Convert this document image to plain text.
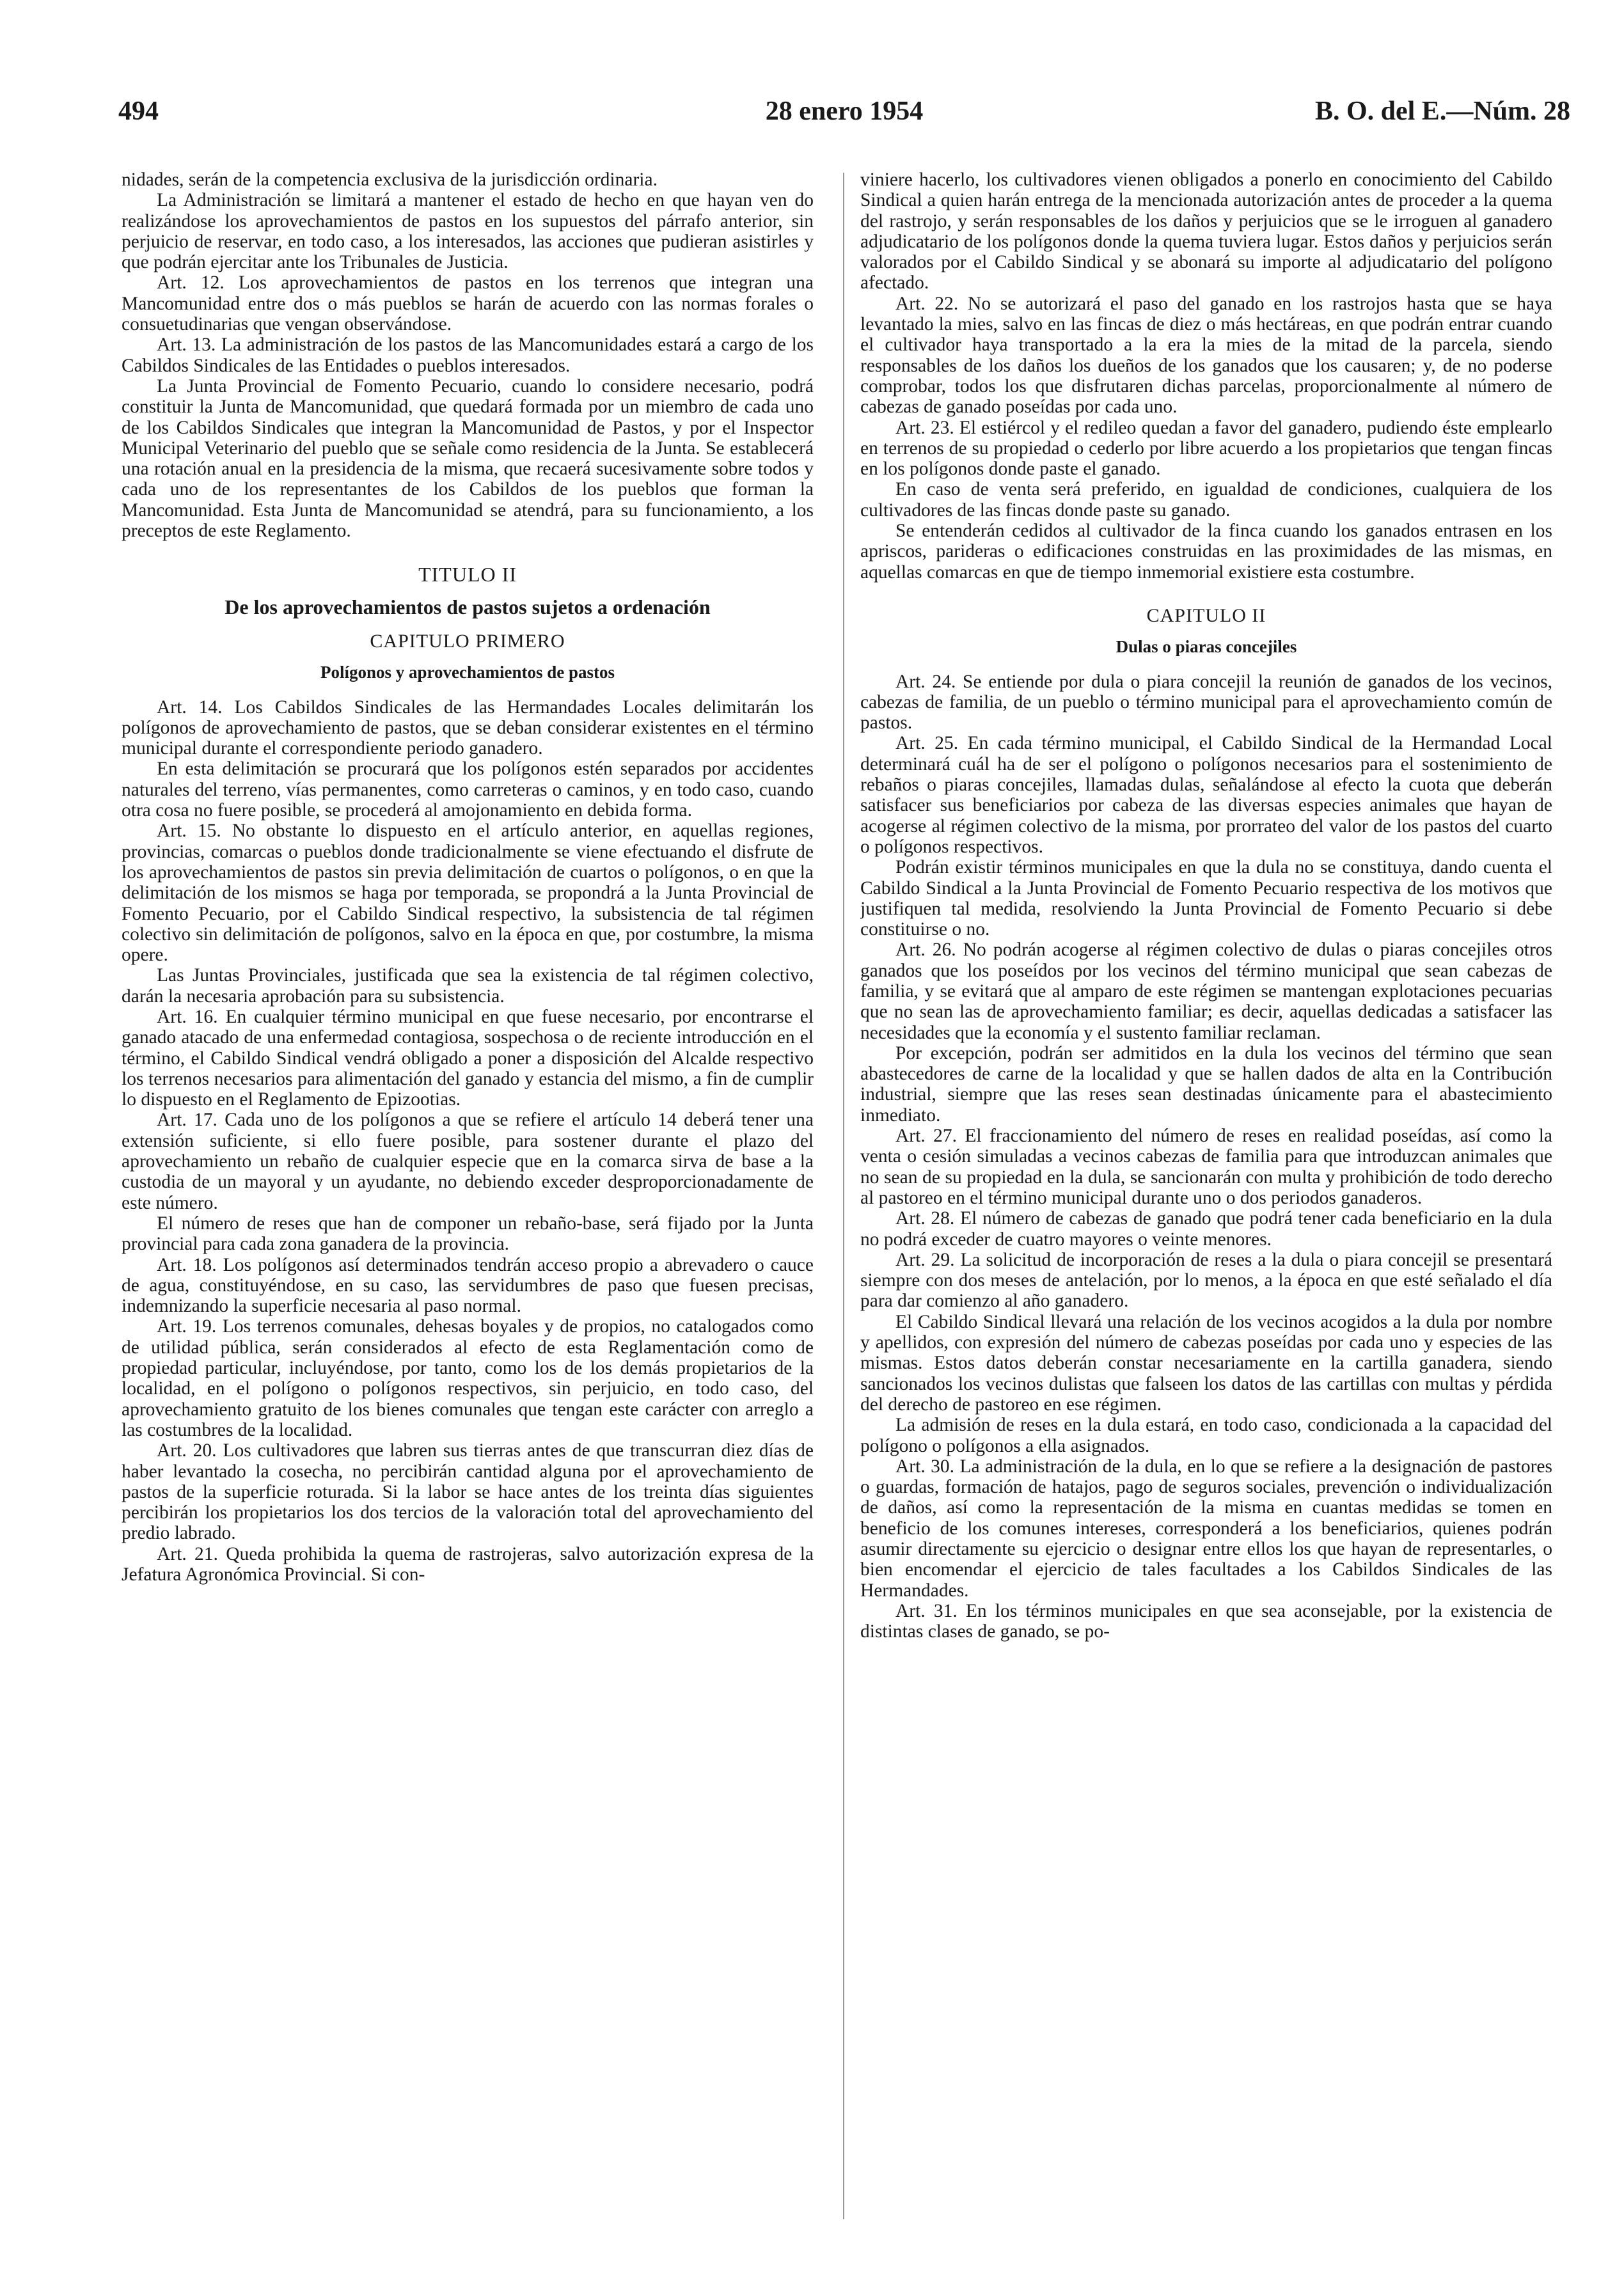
494	28 enero 1954	B. O. del E.—Núm. 28

nidades, serán de la competencia exclusiva de la jurisdicción ordinaria.

La Administración se limitará a mantener el estado de hecho en que hayan ven do realizándose los aprovechamientos de pastos en los supuestos del párrafo anterior, sin perjuicio de reservar, en todo caso, a los interesados, las acciones que pudieran asistirles y que podrán ejercitar ante los Tribunales de Justicia.

Art. 12. Los aprovechamientos de pastos en los terrenos que integran una Mancomunidad entre dos o más pueblos se harán de acuerdo con las normas forales o consuetudinarias que vengan observándose.

Art. 13. La administración de los pastos de las Mancomunidades estará a cargo de los Cabildos Sindicales de las Entidades o pueblos interesados.

La Junta Provincial de Fomento Pecuario, cuando lo considere necesario, podrá constituir la Junta de Mancomunidad, que quedará formada por un miembro de cada uno de los Cabildos Sindicales que integran la Mancomunidad de Pastos, y por el Inspector Municipal Veterinario del pueblo que se señale como residencia de la Junta. Se establecerá una rotación anual en la presidencia de la misma, que recaerá sucesivamente sobre todos y cada uno de los representantes de los Cabildos de los pueblos que forman la Mancomunidad. Esta Junta de Mancomunidad se atendrá, para su funcionamiento, a los preceptos de este Reglamento.

TITULO II
De los aprovechamientos de pastos sujetos a ordenación
CAPITULO PRIMERO
Polígonos y aprovechamientos de pastos

Art. 14. Los Cabildos Sindicales de las Hermandades Locales delimitarán los polígonos de aprovechamiento de pastos, que se deban considerar existentes en el término municipal durante el correspondiente periodo ganadero.

En esta delimitación se procurará que los polígonos estén separados por accidentes naturales del terreno, vías permanentes, como carreteras o caminos, y en todo caso, cuando otra cosa no fuere posible, se procederá al amojonamiento en debida forma.

Art. 15. No obstante lo dispuesto en el artículo anterior, en aquellas regiones, provincias, comarcas o pueblos donde tradicionalmente se viene efectuando el disfrute de los aprovechamientos de pastos sin previa delimitación de cuartos o polígonos, o en que la delimitación de los mismos se haga por temporada, se propondrá a la Junta Provincial de Fomento Pecuario, por el Cabildo Sindical respectivo, la subsistencia de tal régimen colectivo sin delimitación de polígonos, salvo en la época en que, por costumbre, la misma opere.

Las Juntas Provinciales, justificada que sea la existencia de tal régimen colectivo, darán la necesaria aprobación para su subsistencia.

Art. 16. En cualquier término municipal en que fuese necesario, por encontrarse el ganado atacado de una enfermedad contagiosa, sospechosa o de reciente introducción en el término, el Cabildo Sindical vendrá obligado a poner a disposición del Alcalde respectivo los terrenos necesarios para alimentación del ganado y estancia del mismo, a fin de cumplir lo dispuesto en el Reglamento de Epizootias.

Art. 17. Cada uno de los polígonos a que se refiere el artículo 14 deberá tener una extensión suficiente, si ello fuere posible, para sostener durante el plazo del aprovechamiento un rebaño de cualquier especie que en la comarca sirva de base a la custodia de un mayoral y un ayudante, no debiendo exceder desproporcionadamente de este número.

El número de reses que han de componer un rebaño-base, será fijado por la Junta provincial para cada zona ganadera de la provincia.

Art. 18. Los polígonos así determinados tendrán acceso propio a abrevadero o cauce de agua, constituyéndose, en su caso, las servidumbres de paso que fuesen precisas, indemnizando la superficie necesaria al paso normal.

Art. 19. Los terrenos comunales, dehesas boyales y de propios, no catalogados como de utilidad pública, serán considerados al efecto de esta Reglamentación como de propiedad particular, incluyéndose, por tanto, como los de los demás propietarios de la localidad, en el polígono o polígonos respectivos, sin perjuicio, en todo caso, del aprovechamiento gratuito de los bienes comunales que tengan este carácter con arreglo a las costumbres de la localidad.

Art. 20. Los cultivadores que labren sus tierras antes de que transcurran diez días de haber levantado la cosecha, no percibirán cantidad alguna por el aprovechamiento de pastos de la superficie roturada. Si la labor se hace antes de los treinta días siguientes percibirán los propietarios los dos tercios de la valoración total del aprovechamiento del predio labrado.

Art. 21. Queda prohibida la quema de rastrojeras, salvo autorización expresa de la Jefatura Agronómica Provincial. Si con-

viniere hacerlo, los cultivadores vienen obligados a ponerlo en conocimiento del Cabildo Sindical a quien harán entrega de la mencionada autorización antes de proceder a la quema del rastrojo, y serán responsables de los daños y perjuicios que se le irroguen al ganadero adjudicatario de los polígonos donde la quema tuviera lugar. Estos daños y perjuicios serán valorados por el Cabildo Sindical y se abonará su importe al adjudicatario del polígono afectado.

Art. 22. No se autorizará el paso del ganado en los rastrojos hasta que se haya levantado la mies, salvo en las fincas de diez o más hectáreas, en que podrán entrar cuando el cultivador haya transportado a la era la mies de la mitad de la parcela, siendo responsables de los daños los dueños de los ganados que los causaren; y, de no poderse comprobar, todos los que disfrutaren dichas parcelas, proporcionalmente al número de cabezas de ganado poseídas por cada uno.

Art. 23. El estiércol y el redileo quedan a favor del ganadero, pudiendo éste emplearlo en terrenos de su propiedad o cederlo por libre acuerdo a los propietarios que tengan fincas en los polígonos donde paste el ganado.

En caso de venta será preferido, en igualdad de condiciones, cualquiera de los cultivadores de las fincas donde paste su ganado.

Se entenderán cedidos al cultivador de la finca cuando los ganados entrasen en los apriscos, parideras o edificaciones construidas en las proximidades de las mismas, en aquellas comarcas en que de tiempo inmemorial existiere esta costumbre.

CAPITULO II
Dulas o piaras concejiles

Art. 24. Se entiende por dula o piara concejil la reunión de ganados de los vecinos, cabezas de familia, de un pueblo o término municipal para el aprovechamiento común de pastos.

Art. 25. En cada término municipal, el Cabildo Sindical de la Hermandad Local determinará cuál ha de ser el polígono o polígonos necesarios para el sostenimiento de rebaños o piaras concejiles, llamadas dulas, señalándose al efecto la cuota que deberán satisfacer sus beneficiarios por cabeza de las diversas especies animales que hayan de acogerse al régimen colectivo de la misma, por prorrateo del valor de los pastos del cuarto o polígonos respectivos.

Podrán existir términos municipales en que la dula no se constituya, dando cuenta el Cabildo Sindical a la Junta Provincial de Fomento Pecuario respectiva de los motivos que justifiquen tal medida, resolviendo la Junta Provincial de Fomento Pecuario si debe constituirse o no.

Art. 26. No podrán acogerse al régimen colectivo de dulas o piaras concejiles otros ganados que los poseídos por los vecinos del término municipal que sean cabezas de familia, y se evitará que al amparo de este régimen se mantengan explotaciones pecuarias que no sean las de aprovechamiento familiar; es decir, aquellas dedicadas a satisfacer las necesidades que la economía y el sustento familiar reclaman.

Por excepción, podrán ser admitidos en la dula los vecinos del término que sean abastecedores de carne de la localidad y que se hallen dados de alta en la Contribución industrial, siempre que las reses sean destinadas únicamente para el abastecimiento inmediato.

Art. 27. El fraccionamiento del número de reses en realidad poseídas, así como la venta o cesión simuladas a vecinos cabezas de familia para que introduzcan animales que no sean de su propiedad en la dula, se sancionarán con multa y prohibición de todo derecho al pastoreo en el término municipal durante uno o dos periodos ganaderos.

Art. 28. El número de cabezas de ganado que podrá tener cada beneficiario en la dula no podrá exceder de cuatro mayores o veinte menores.

Art. 29. La solicitud de incorporación de reses a la dula o piara concejil se presentará siempre con dos meses de antelación, por lo menos, a la época en que esté señalado el día para dar comienzo al año ganadero.

El Cabildo Sindical llevará una relación de los vecinos acogidos a la dula por nombre y apellidos, con expresión del número de cabezas poseídas por cada uno y especies de las mismas. Estos datos deberán constar necesariamente en la cartilla ganadera, siendo sancionados los vecinos dulistas que falseen los datos de las cartillas con multas y pérdida del derecho de pastoreo en ese régimen.

La admisión de reses en la dula estará, en todo caso, condicionada a la capacidad del polígono o polígonos a ella asignados.

Art. 30. La administración de la dula, en lo que se refiere a la designación de pastores o guardas, formación de hatajos, pago de seguros sociales, prevención o individualización de daños, así como la representación de la misma en cuantas medidas se tomen en beneficio de los comunes intereses, corresponderá a los beneficiarios, quienes podrán asumir directamente su ejercicio o designar entre ellos los que hayan de representarles, o bien encomendar el ejercicio de tales facultades a los Cabildos Sindicales de las Hermandades.

Art. 31. En los términos municipales en que sea aconsejable, por la existencia de distintas clases de ganado, se po-
